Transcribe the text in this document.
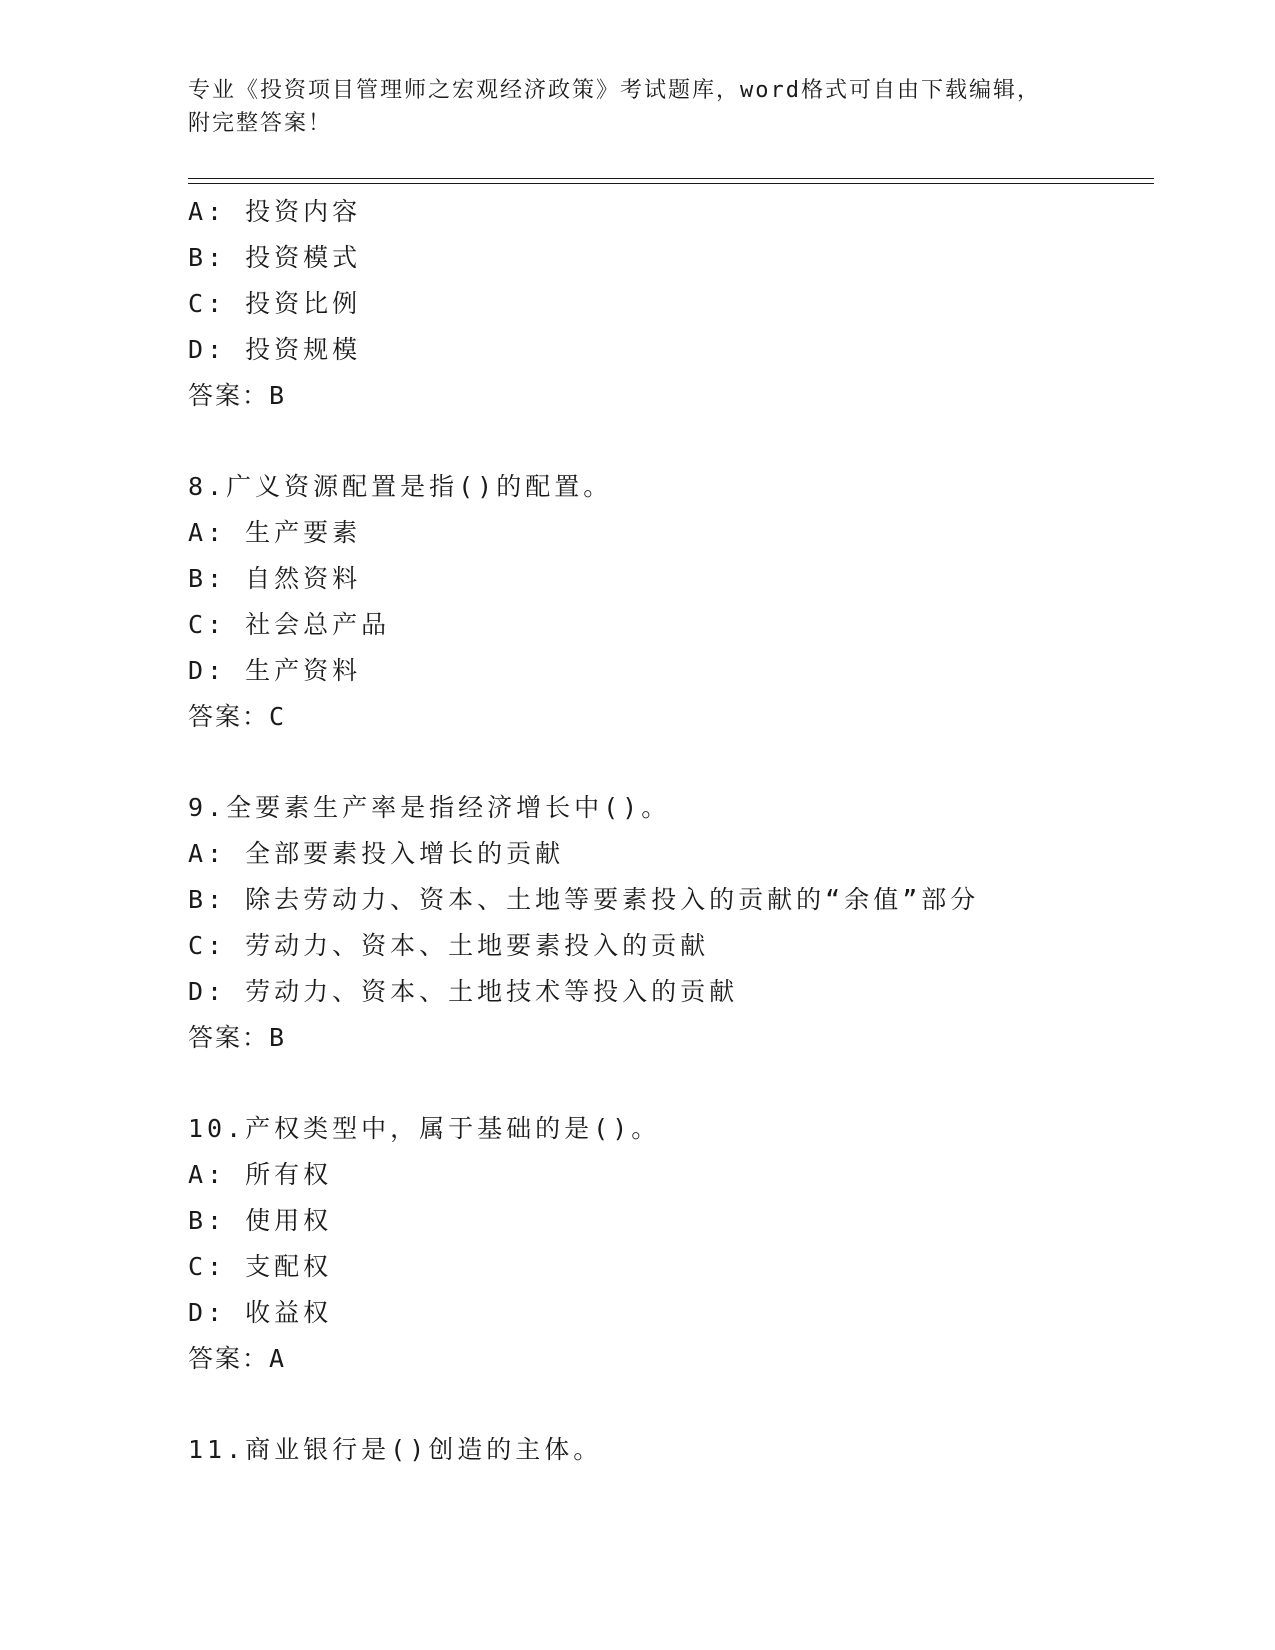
专业《投资项目管理师之宏观经济政策》考试题库，word格式可自由下载编辑，
附完整答案！
A: 投资内容
B: 投资模式
C: 投资比例
D: 投资规模
答案：B
8.广义资源配置是指()的配置。
A: 生产要素
B: 自然资料
C: 社会总产品
D: 生产资料
答案：C
9.全要素生产率是指经济增长中()。
A: 全部要素投入增长的贡献
B: 除去劳动力、资本、土地等要素投入的贡献的“余值”部分
C: 劳动力、资本、土地要素投入的贡献
D: 劳动力、资本、土地技术等投入的贡献
答案：B
10.产权类型中，属于基础的是()。
A: 所有权
B: 使用权
C: 支配权
D: 收益权
答案：A
11.商业银行是()创造的主体。
